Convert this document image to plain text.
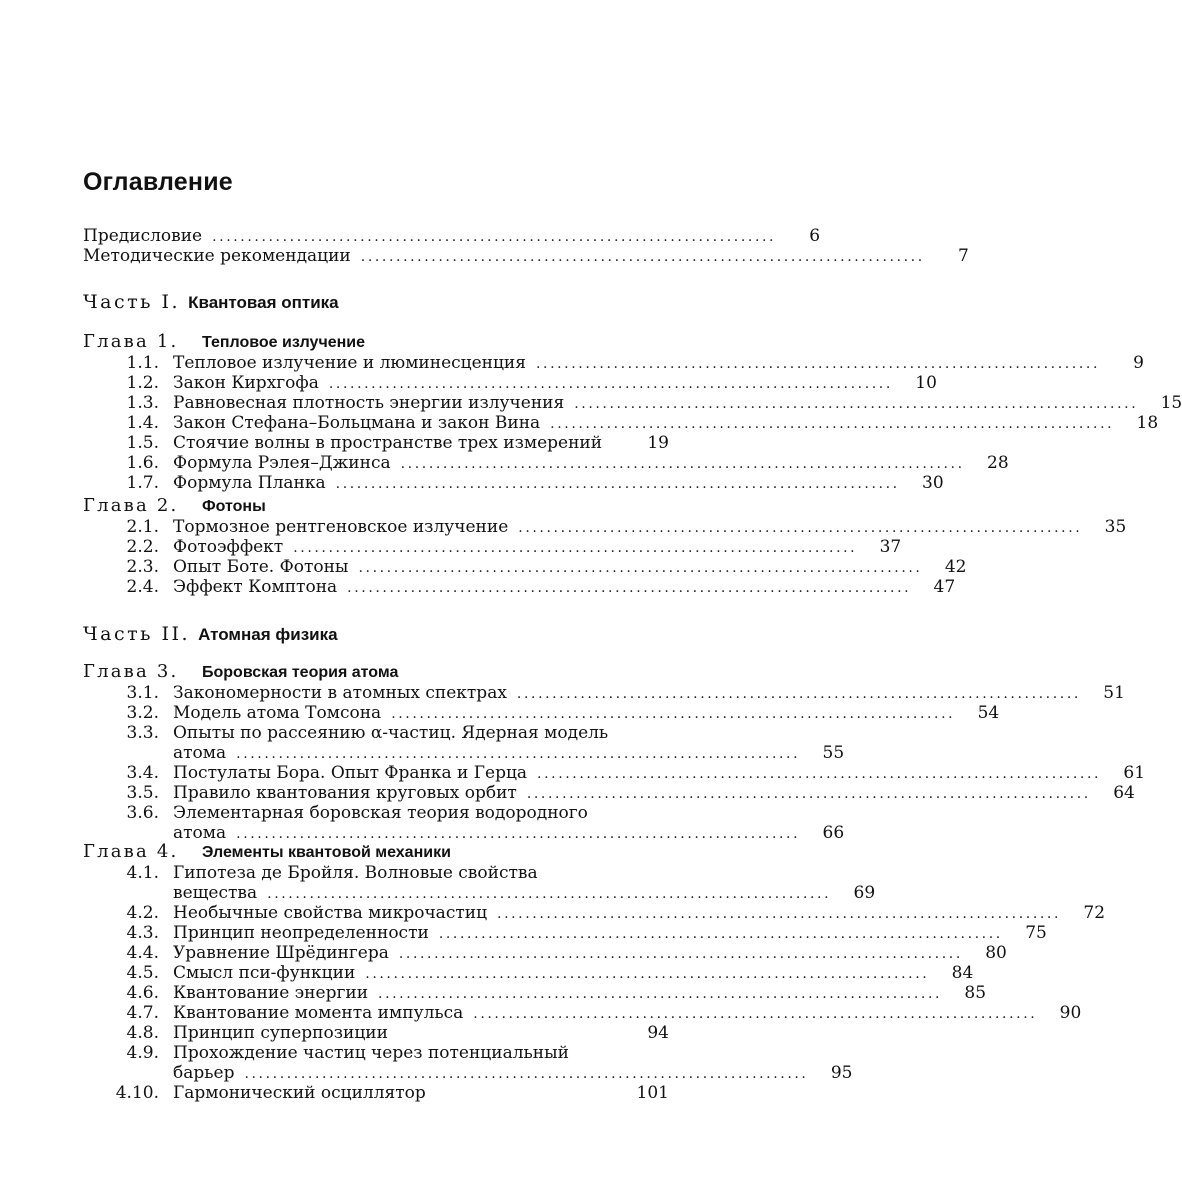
Оглавление
Предисловие ................................................................................	6
Методические рекомендации ................................................................................	7
Часть I. Квантовая оптика
Глава 1.	Тепловое излучение
1.1. Тепловое излучение и люминесценция ................................................................................	9
1.2. Закон Кирхгофа ................................................................................	10
1.3. Равновесная плотность энергии излучения ................................................................................	15
1.4. Закон Стефана–Больцмана и закон Вина ................................................................................	18
1.5. Стоячие волны в пространстве трех измерений	19
1.6. Формула Рэлея–Джинса ................................................................................	28
1.7. Формула Планка ................................................................................	30
Глава 2.	Фотоны
2.1. Тормозное рентгеновское излучение ................................................................................	35
2.2. Фотоэффект ................................................................................	37
2.3. Опыт Боте. Фотоны ................................................................................	42
2.4. Эффект Комптона ................................................................................	47
Часть II. Атомная физика
Глава 3.	Боровская теория атома
3.1. Закономерности в атомных спектрах ................................................................................	51
3.2. Модель атома Томсона ................................................................................	54
3.3. Опыты по рассеянию α-частиц. Ядерная модель
атома ................................................................................	55
3.4. Постулаты Бора. Опыт Франка и Герца ................................................................................	61
3.5. Правило квантования круговых орбит ................................................................................	64
3.6. Элементарная боровская теория водородного
атома ................................................................................	66
Глава 4.	Элементы квантовой механики
4.1. Гипотеза де Бройля. Волновые свойства
вещества ................................................................................	69
4.2. Необычные свойства микрочастиц ................................................................................	72
4.3. Принцип неопределенности ................................................................................	75
4.4. Уравнение Шрёдингера ................................................................................	80
4.5. Смысл пси-функции ................................................................................	84
4.6. Квантование энергии ................................................................................	85
4.7. Квантование момента импульса ................................................................................	90
4.8. Принцип суперпозиции	94
4.9. Прохождение частиц через потенциальный
барьер ................................................................................	95
4.10. Гармонический осциллятор	101
